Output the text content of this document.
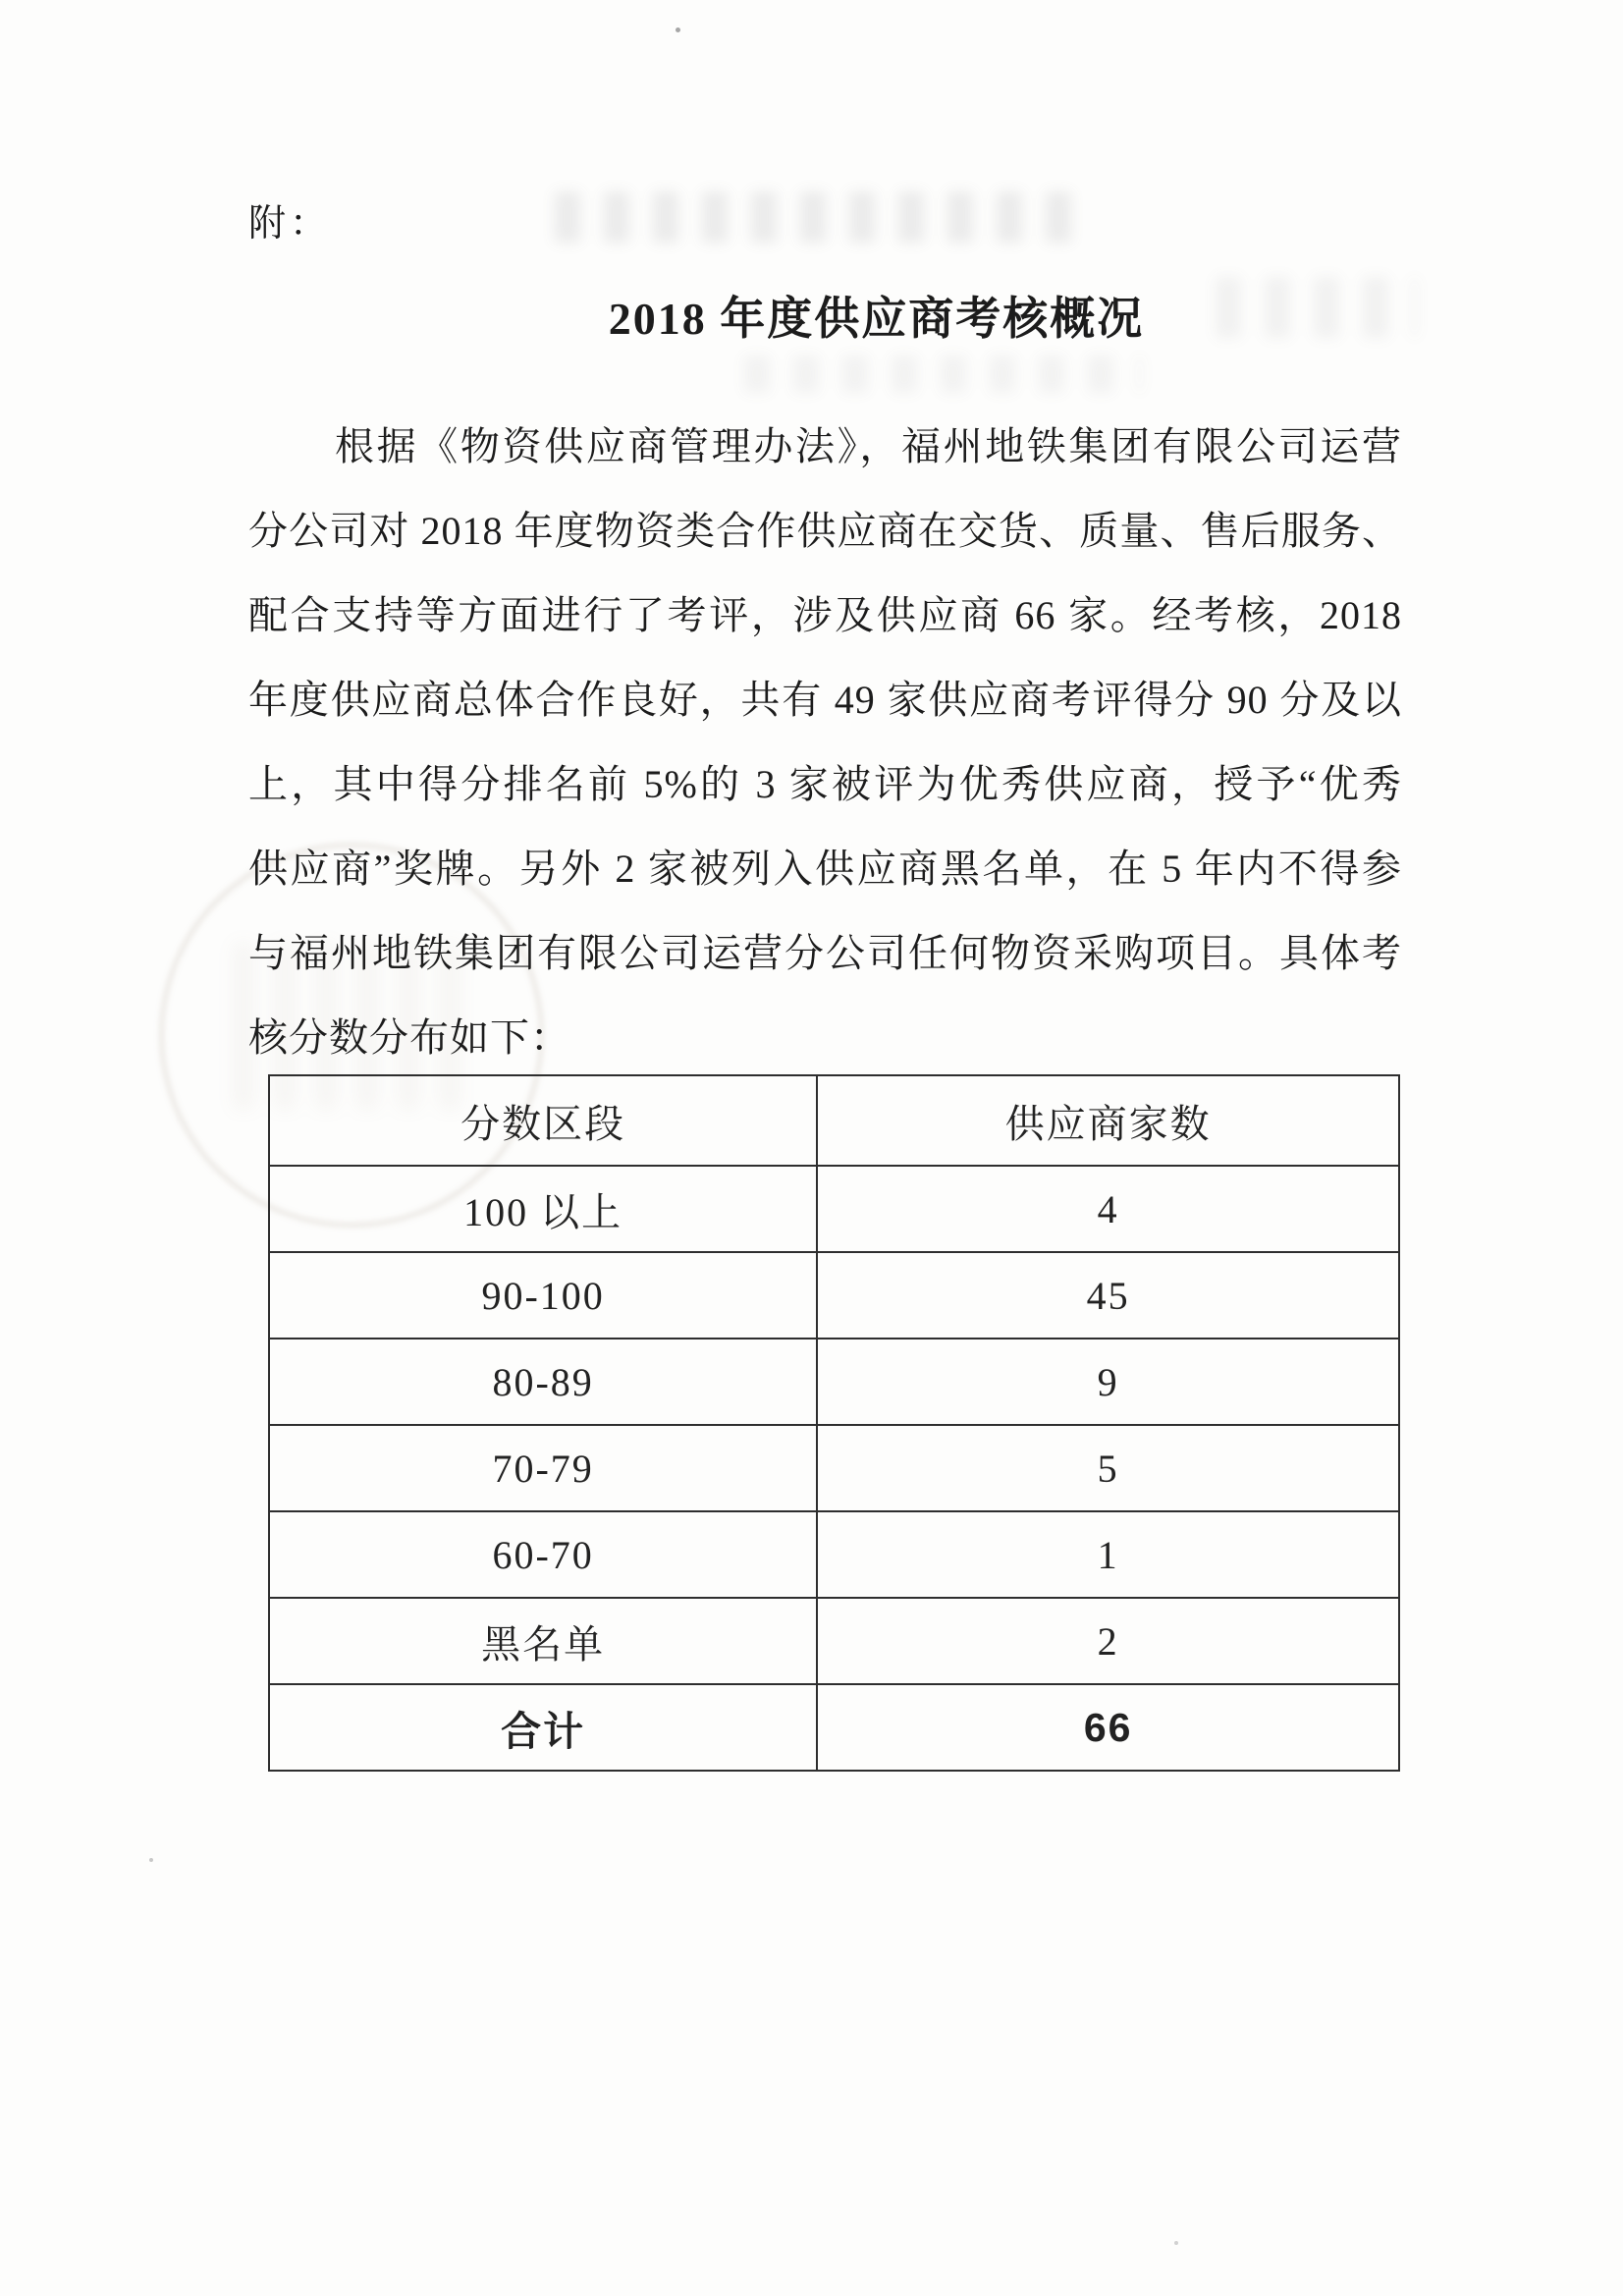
附：
2018 年度供应商考核概况
根据《物资供应商管理办法》，福州地铁集团有限公司运营
分公司对 2018 年度物资类合作供应商在交货、质量、售后服务、
配合支持等方面进行了考评，涉及供应商 66 家。经考核，2018
年度供应商总体合作良好，共有 49 家供应商考评得分 90 分及以
上，其中得分排名前 5%的 3 家被评为优秀供应商，授予“优秀
供应商”奖牌。另外 2 家被列入供应商黑名单，在 5 年内不得参
与福州地铁集团有限公司运营分公司任何物资采购项目。具体考
核分数分布如下：
分数区段	供应商家数
100 以上	4
90-100	45
80-89	9
70-79	5
60-70	1
黑名单	2
合计	66
